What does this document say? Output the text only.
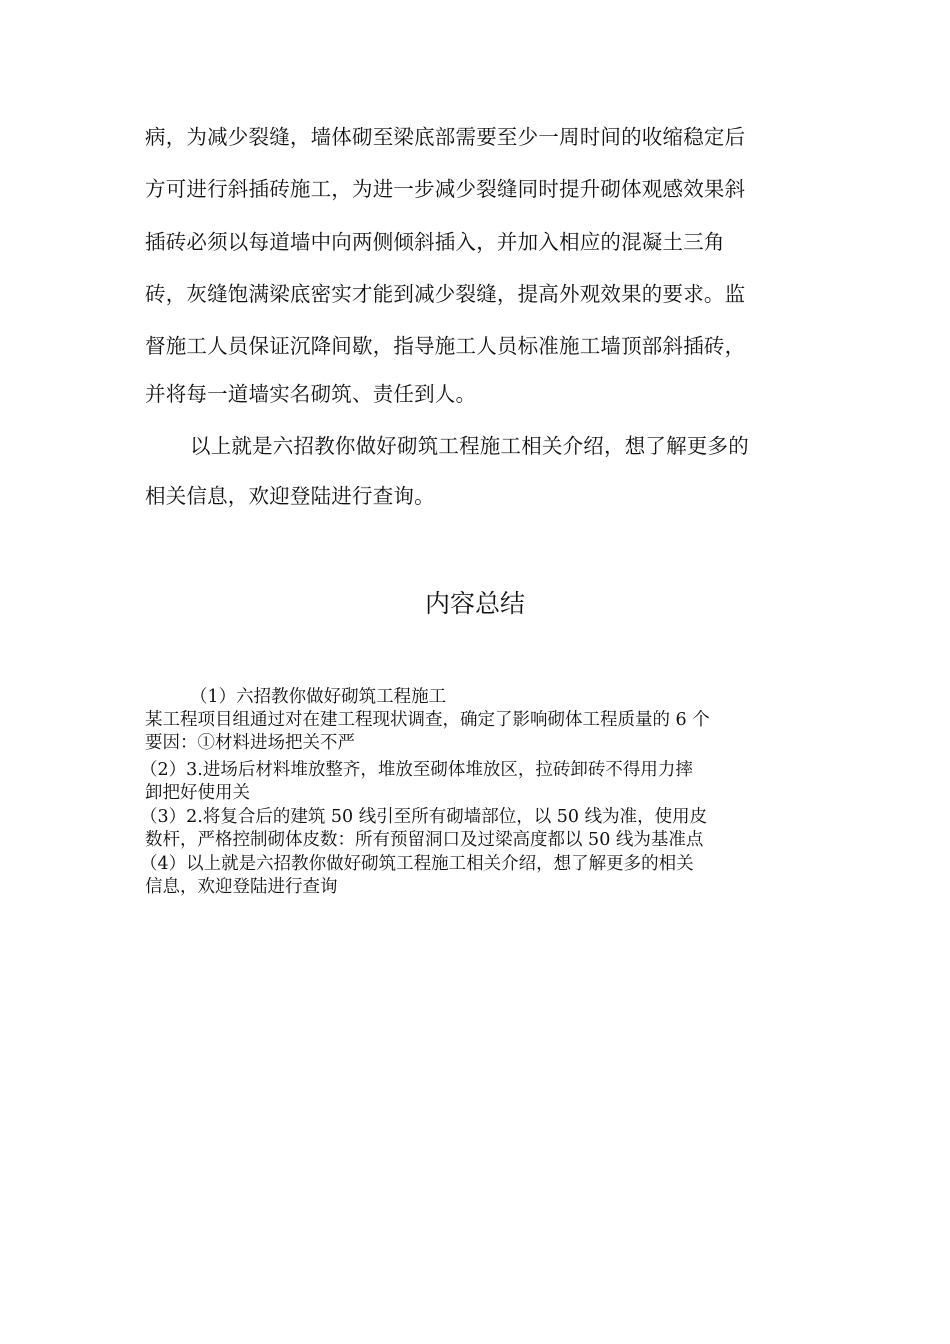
病，为减少裂缝，墙体砌至梁底部需要至少一周时间的收缩稳定后
方可进行斜插砖施工，为进一步减少裂缝同时提升砌体观感效果斜
插砖必须以每道墙中向两侧倾斜插入，并加入相应的混凝土三角
砖，灰缝饱满梁底密实才能到减少裂缝，提高外观效果的要求。监
督施工人员保证沉降间歇，指导施工人员标准施工墙顶部斜插砖，
并将每一道墙实名砌筑、责任到人。
以上就是六招教你做好砌筑工程施工相关介绍，想了解更多的
相关信息，欢迎登陆进行查询。
内容总结
（1）六招教你做好砌筑工程施工
某工程项目组通过对在建工程现状调查，确定了影响砌体工程质量的 6 个
要因：①材料进场把关不严
（2）3.进场后材料堆放整齐，堆放至砌体堆放区，拉砖卸砖不得用力摔
卸把好使用关
（3）2.将复合后的建筑 50 线引至所有砌墙部位，以 50 线为准，使用皮
数杆，严格控制砌体皮数：所有预留洞口及过梁高度都以 50 线为基准点
（4）以上就是六招教你做好砌筑工程施工相关介绍，想了解更多的相关
信息，欢迎登陆进行查询
